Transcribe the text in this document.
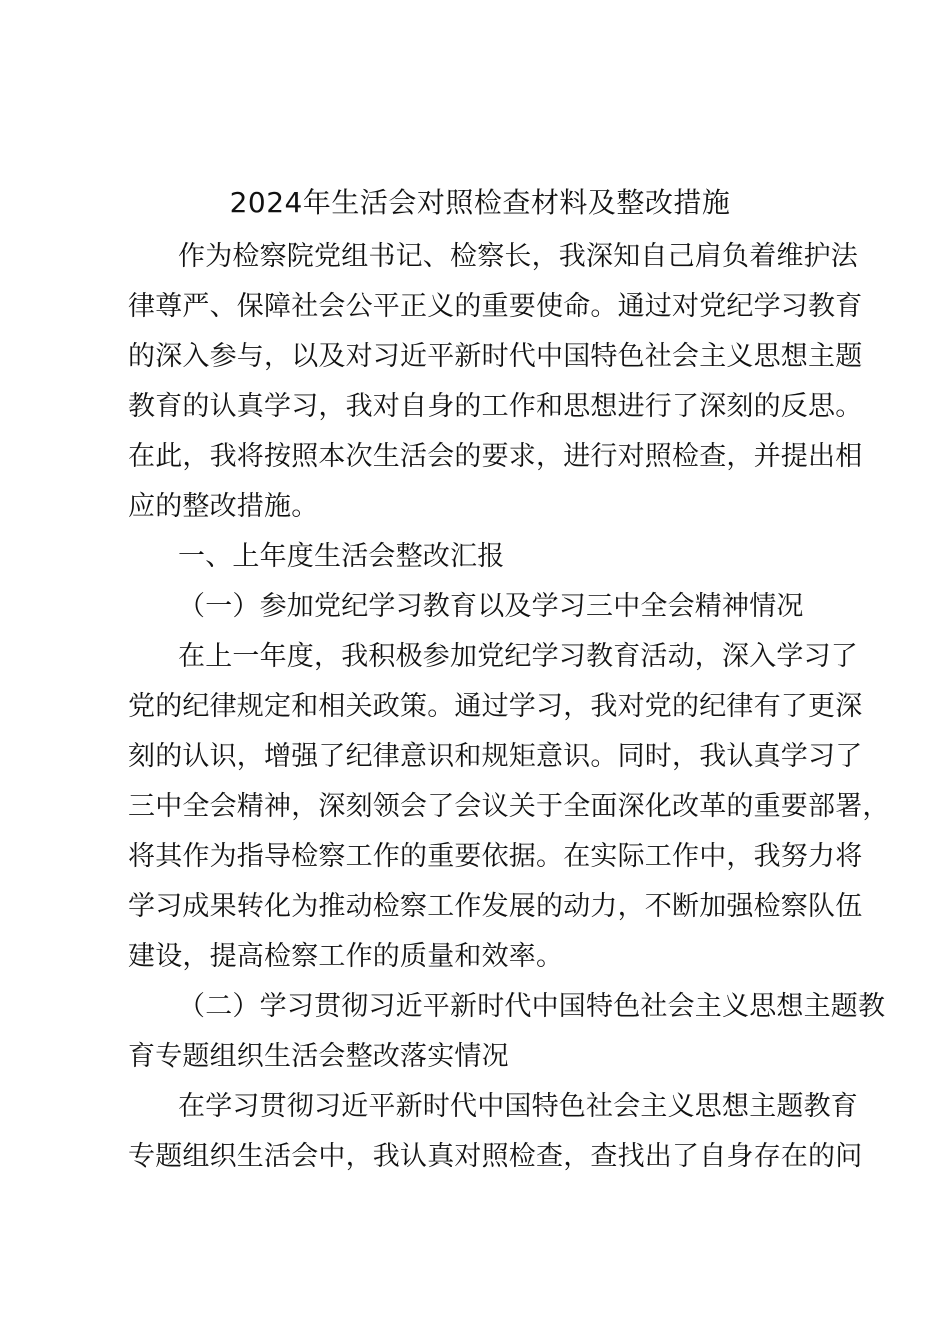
2024年生活会对照检查材料及整改措施
作为检察院党组书记、检察长，我深知自己肩负着维护法
律尊严、保障社会公平正义的重要使命。通过对党纪学习教育
的深入参与，以及对习近平新时代中国特色社会主义思想主题
教育的认真学习，我对自身的工作和思想进行了深刻的反思。
在此，我将按照本次生活会的要求，进行对照检查，并提出相
应的整改措施。
一、上年度生活会整改汇报
（一）参加党纪学习教育以及学习三中全会精神情况
在上一年度，我积极参加党纪学习教育活动，深入学习了
党的纪律规定和相关政策。通过学习，我对党的纪律有了更深
刻的认识，增强了纪律意识和规矩意识。同时，我认真学习了
三中全会精神，深刻领会了会议关于全面深化改革的重要部署，
将其作为指导检察工作的重要依据。在实际工作中，我努力将
学习成果转化为推动检察工作发展的动力，不断加强检察队伍
建设，提高检察工作的质量和效率。
（二）学习贯彻习近平新时代中国特色社会主义思想主题教
育专题组织生活会整改落实情况
在学习贯彻习近平新时代中国特色社会主义思想主题教育
专题组织生活会中，我认真对照检查，查找出了自身存在的问
